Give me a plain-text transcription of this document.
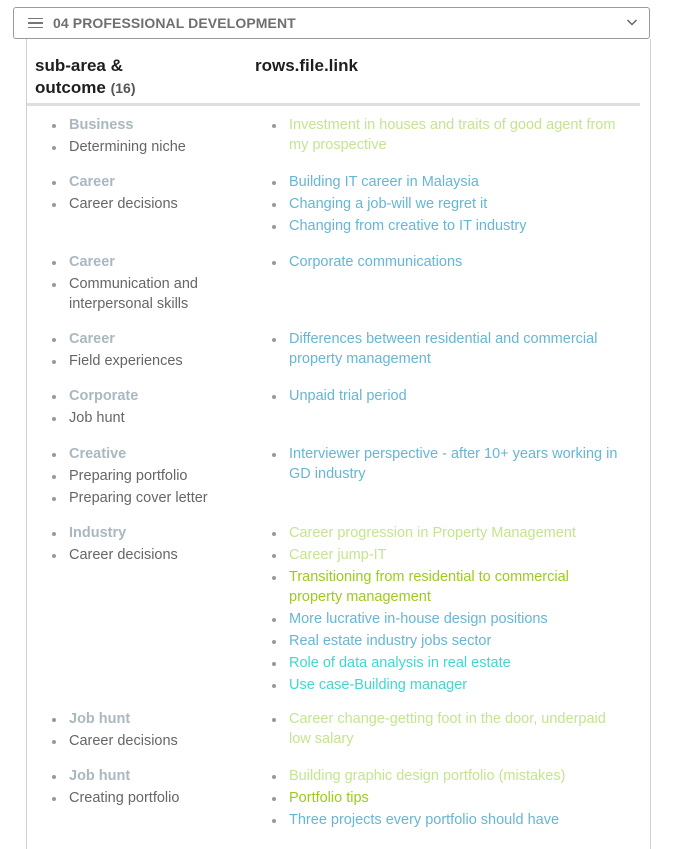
04 PROFESSIONAL DEVELOPMENT
sub-area &
outcome (16)
rows.file.link
Business
Determining niche
Investment in houses and traits of good agent from my prospective
Career
Career decisions
Building IT career in Malaysia
Changing a job-will we regret it
Changing from creative to IT industry
Career
Communication and interpersonal skills
Corporate communications
Career
Field experiences
Differences between residential and commercial property management
Corporate
Job hunt
Unpaid trial period
Creative
Preparing portfolio
Preparing cover letter
Interviewer perspective - after 10+ years working in GD industry
Industry
Career decisions
Career progression in Property Management
Career jump-IT
Transitioning from residential to commercial property management
More lucrative in-house design positions
Real estate industry jobs sector
Role of data analysis in real estate
Use case-Building manager
Job hunt
Career decisions
Career change-getting foot in the door, underpaid low salary
Job hunt
Creating portfolio
Building graphic design portfolio (mistakes)
Portfolio tips
Three projects every portfolio should have
